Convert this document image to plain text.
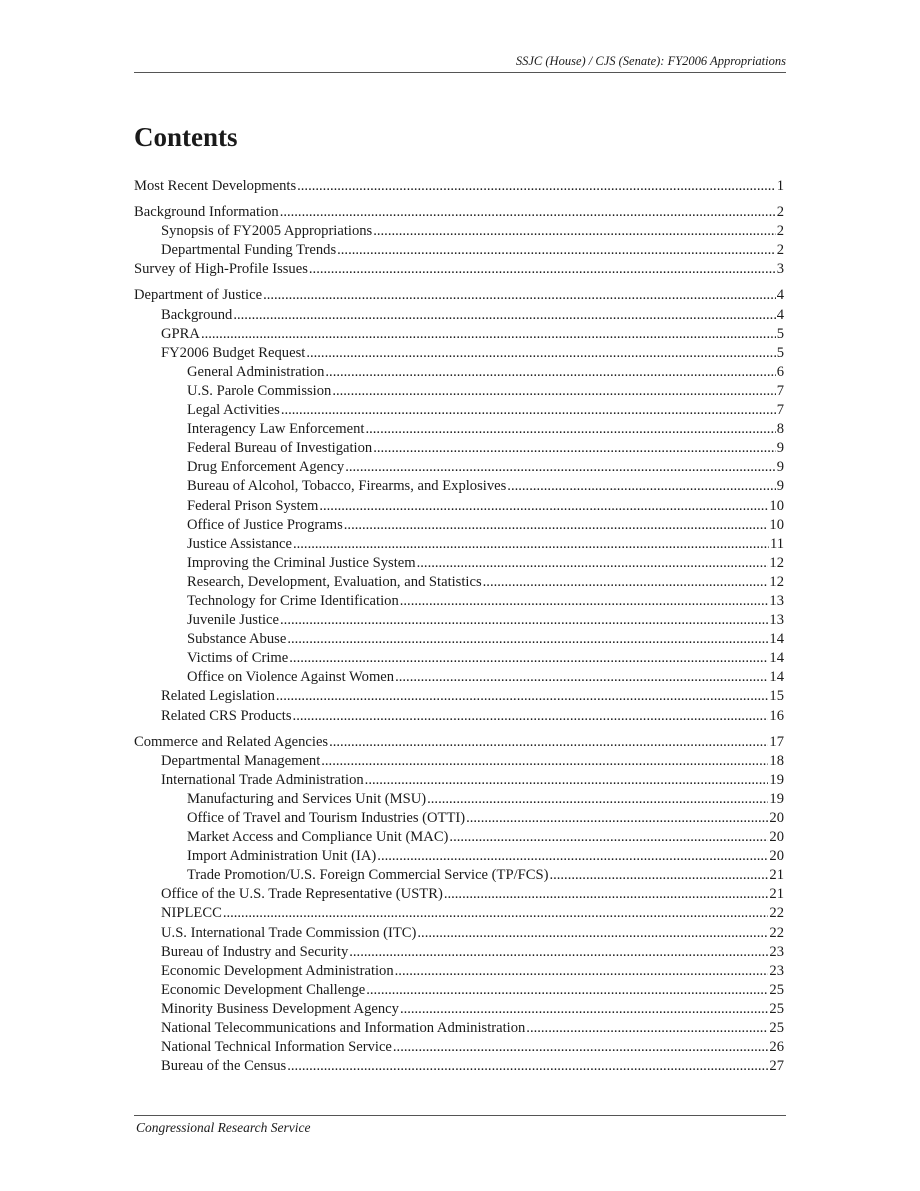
SSJC (House) / CJS (Senate): FY2006 Appropriations
Contents
Most Recent Developments .....	1
Background Information .....	2
Synopsis of FY2005 Appropriations .....	2
Departmental Funding Trends .....	2
Survey of High-Profile Issues .....	3
Department of Justice .....	4
Background .....	4
GPRA .....	5
FY2006 Budget Request .....	5
General Administration .....	6
U.S. Parole Commission .....	7
Legal Activities .....	7
Interagency Law Enforcement .....	8
Federal Bureau of Investigation .....	9
Drug Enforcement Agency .....	9
Bureau of Alcohol, Tobacco, Firearms, and Explosives .....	9
Federal Prison System .....	10
Office of Justice Programs .....	10
Justice Assistance .....	11
Improving the Criminal Justice System .....	12
Research, Development, Evaluation, and Statistics .....	12
Technology for Crime Identification .....	13
Juvenile Justice .....	13
Substance Abuse .....	14
Victims of Crime .....	14
Office on Violence Against Women .....	14
Related Legislation .....	15
Related CRS Products .....	16
Commerce and Related Agencies .....	17
Departmental Management .....	18
International Trade Administration .....	19
Manufacturing and Services Unit (MSU) .....	19
Office of Travel and Tourism Industries (OTTI) .....	20
Market Access and Compliance Unit (MAC) .....	20
Import Administration Unit (IA) .....	20
Trade Promotion/U.S. Foreign Commercial Service (TP/FCS) .....	21
Office of the U.S. Trade Representative (USTR) .....	21
NIPLECC .....	22
U.S. International Trade Commission (ITC) .....	22
Bureau of Industry and Security .....	23
Economic Development Administration .....	23
Economic Development Challenge .....	25
Minority Business Development Agency .....	25
National Telecommunications and Information Administration .....	25
National Technical Information Service .....	26
Bureau of the Census .....	27
Congressional Research Service
